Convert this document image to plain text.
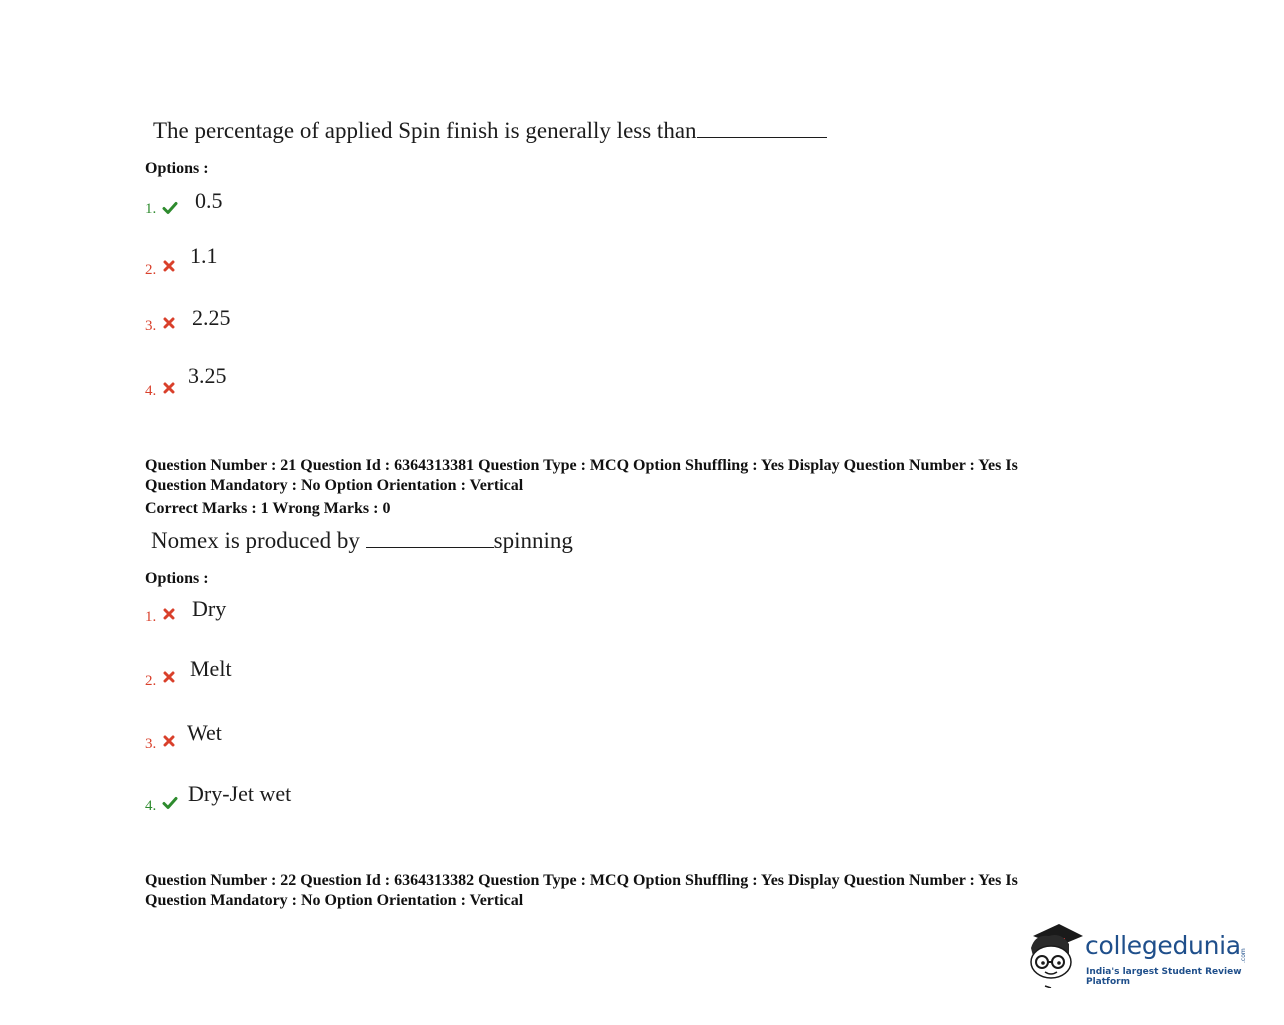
The percentage of applied Spin finish is generally less than
Options :
1. 0.5
2.
1.1
3. 2.25
4.
3.25
Question Number : 21 Question Id : 6364313381 Question Type : MCQ Option Shuffling : Yes Display Question Number : Yes Is
Question Mandatory : No Option Orientation : Vertical
Correct Marks : 1 Wrong Marks : 0
Nomex is produced by	spinning
Options :
1. Dry
2. Melt
3. Wet
4. Dry-Jet wet
Question Number : 22 Question Id : 6364313382 Question Type : MCQ Option Shuffling : Yes Display Question Number : Yes Is
Question Mandatory : No Option Orientation : Vertical
collegedunia .com
India's largest Student Review Platform
